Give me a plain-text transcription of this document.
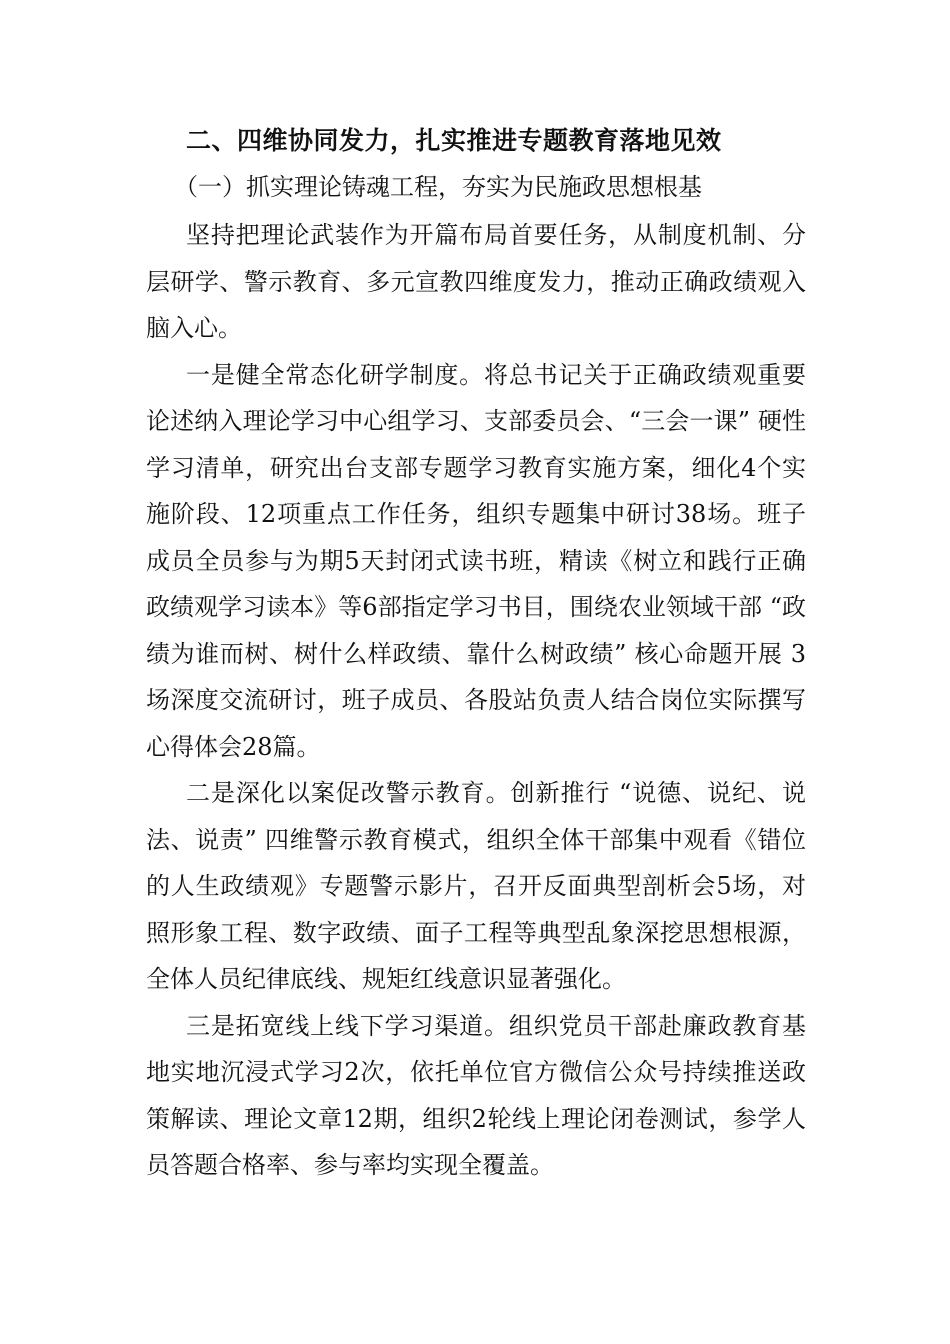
二、四维协同发力，扎实推进专题教育落地见效
（一）抓实理论铸魂工程，夯实为民施政思想根基

坚持把理论武装作为开篇布局首要任务，从制度机制、分层研学、警示教育、多元宣教四维度发力，推动正确政绩观入脑入心。

一是健全常态化研学制度。将总书记关于正确政绩观重要论述纳入理论学习中心组学习、支部委员会、“三会一课” 硬性学习清单，研究出台支部专题学习教育实施方案，细化4个实施阶段、12项重点工作任务，组织专题集中研讨38场。班子成员全员参与为期5天封闭式读书班，精读《树立和践行正确政绩观学习读本》等6部指定学习书目，围绕农业领域干部 “政绩为谁而树、树什么样政绩、靠什么树政绩” 核心命题开展 3场深度交流研讨，班子成员、各股站负责人结合岗位实际撰写心得体会28篇。

二是深化以案促改警示教育。创新推行 “说德、说纪、说法、说责” 四维警示教育模式，组织全体干部集中观看《错位的人生政绩观》专题警示影片，召开反面典型剖析会5场，对照形象工程、数字政绩、面子工程等典型乱象深挖思想根源，全体人员纪律底线、规矩红线意识显著强化。

三是拓宽线上线下学习渠道。组织党员干部赴廉政教育基地实地沉浸式学习2次，依托单位官方微信公众号持续推送政策解读、理论文章12期，组织2轮线上理论闭卷测试，参学人员答题合格率、参与率均实现全覆盖。
